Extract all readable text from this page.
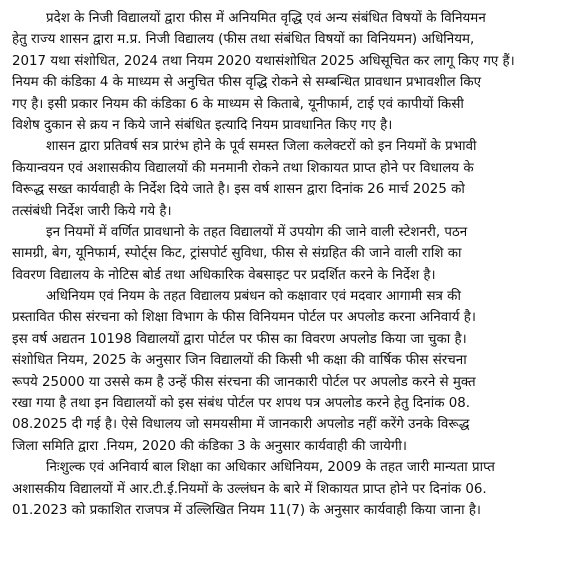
प्रदेश के निजी विद्यालयों द्वारा फीस में अनियमित वृद्धि एवं अन्य संबंधित विषयों के विनियमन
हेतु राज्य शासन द्वारा म.प्र. निजी विद्यालय (फीस तथा संबंधित विषयों का विनियमन) अधिनियम,
2017 यथा संशोधित, 2024 तथा नियम 2020 यथासंशोधित 2025 अधिसूचित कर लागू किए गए हैं।
नियम की कंडिका 4 के माध्यम से अनुचित फीस वृद्धि रोकने से सम्बन्धित प्रावधान प्रभावशील किए
गए है। इसी प्रकार नियम की कंडिका 6 के माध्यम से किताबे, यूनीफार्म, टाई एवं कापीयों किसी
विशेष दुकान से क्रय न किये जाने संबंधित इत्यादि नियम प्रावधानित किए गए है।
शासन द्वारा प्रतिवर्ष सत्र प्रारंभ होने के पूर्व समस्त जिला कलेक्टरों को इन नियमों के प्रभावी
कियान्वयन एवं अशासकीय विद्यालयों की मनमानी रोकने तथा शिकायत प्राप्त होने पर विधालय के
विरूद्ध सख्त कार्यवाही के निर्देश दिये जाते है। इस वर्ष शासन द्वारा दिनांक 26 मार्च 2025 को
तत्संबंधी निर्देश जारी किये गये है।
इन नियमों में वर्णित प्रावधानो के तहत विद्यालयों में उपयोग की जाने वाली स्टेशनरी, पठन
सामग्री, बेग, यूनिफार्म, स्पोर्ट्स किट, ट्रांसपोर्ट सुविधा, फीस से संग्रहित की जाने वाली राशि का
विवरण विद्यालय के नोटिस बोर्ड तथा अधिकारिक वेबसाइट पर प्रदर्शित करने के निर्देश है।
अधिनियम एवं नियम के तहत विद्यालय प्रबंधन को कक्षावार एवं मदवार आगामी सत्र की
प्रस्तावित फीस संरचना को शिक्षा विभाग के फीस विनियमन पोर्टल पर अपलोड करना अनिवार्य है।
इस वर्ष अद्यतन 10198 विद्यालयों द्वारा पोर्टल पर फीस का विवरण अपलोड किया जा चुका है।
संशोधित नियम, 2025 के अनुसार जिन विद्यालयों की किसी भी कक्षा की वार्षिक फीस संरचना
रूपये 25000 या उससे कम है उन्हें फीस संरचना की जानकारी पोर्टल पर अपलोड करने से मुक्त
रखा गया है तथा इन विद्यालयों को इस संबंध पोर्टल पर शपथ पत्र अपलोड करने हेतु दिनांक 08.
08.2025 दी गई है। ऐसे विधालय जो समयसीमा में जानकारी अपलोड नहीं करेंगे उनके विरूद्ध
जिला समिति द्वारा .नियम, 2020 की कंडिका 3 के अनुसार कार्यवाही की जायेगी।
निःशुल्क एवं अनिवार्य बाल शिक्षा का अधिकार अधिनियम, 2009 के तहत जारी मान्यता प्राप्त
अशासकीय विद्यालयों में आर.टी.ई.नियमों के उल्लंघन के बारे में शिकायत प्राप्त होने पर दिनांक 06.
01.2023 को प्रकाशित राजपत्र में उल्लिखित नियम 11(7) के अनुसार कार्यवाही किया जाना है।
